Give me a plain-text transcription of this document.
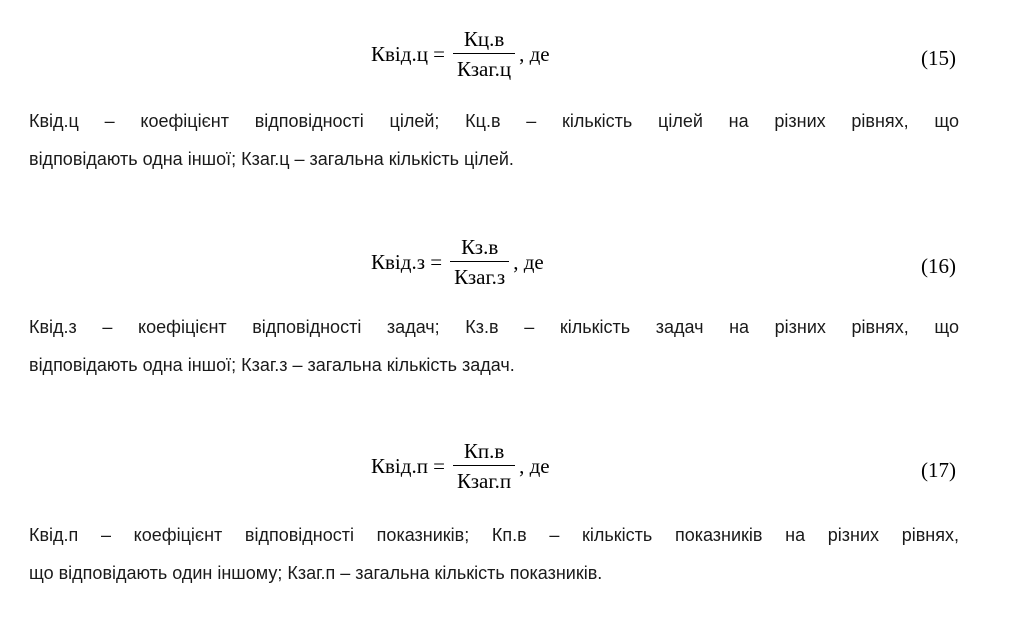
Квід.ц = $\frac{Кц.в}{\text{Кзаг.ц}}$ , де	(15)
Квід.ц – коефіцієнт відповідності цілей; Кц.в – кількість цілей на різних рівнях, що
відповідають одна іншої; Кзаг.ц – загальна кількість цілей.
Квід.з = $\frac{Кз.в}{\text{Кзаг.з}}$ , де	(16)
Квід.з – коефіцієнт відповідності задач; Кз.в – кількість задач на різних рівнях, що
відповідають одна іншої; Кзаг.з – загальна кількість задач.
Квід.п = $\frac{Кп.в}{\text{Кзаг.п}}$ , де	(17)
Квід.п – коефіцієнт відповідності показників; Кп.в – кількість показників на різних рівнях,
що відповідають один іншому; Кзаг.п – загальна кількість показників.
